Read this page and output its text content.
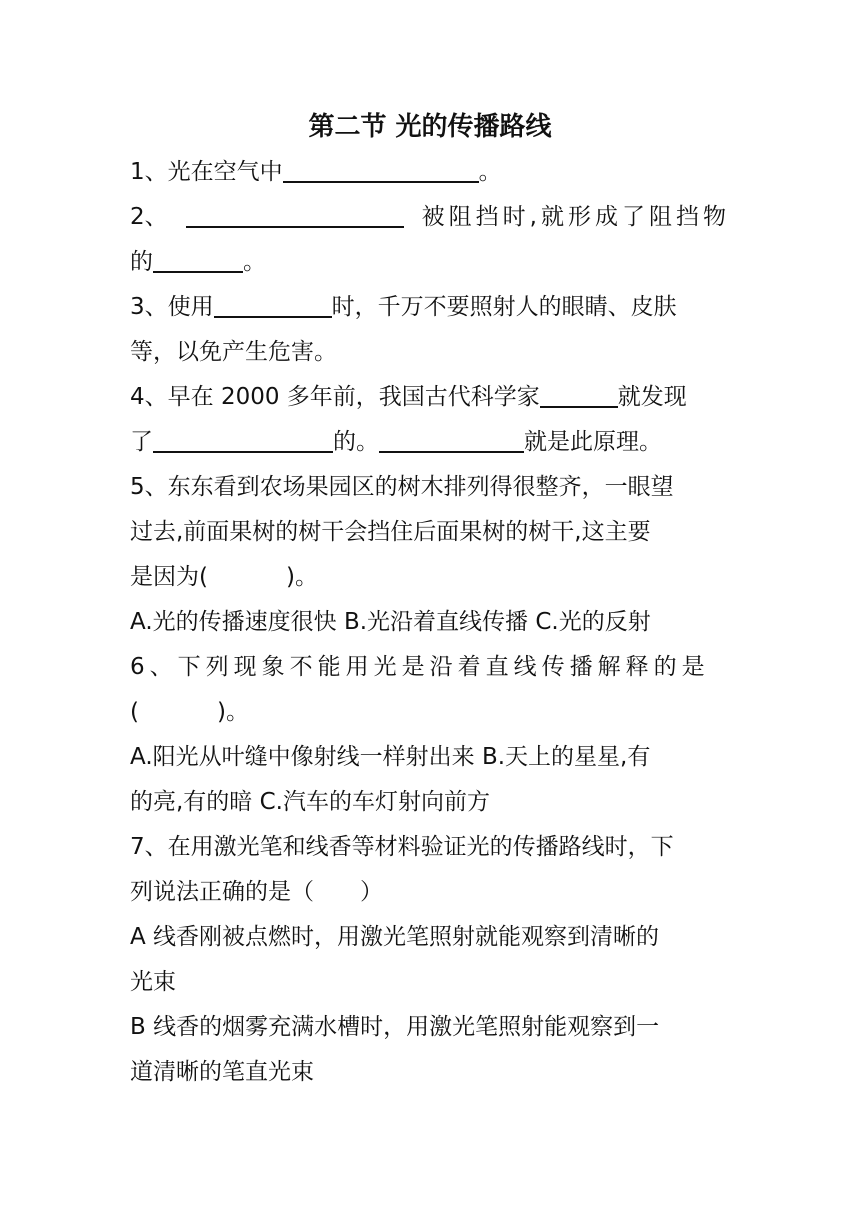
第二节 光的传播路线
1、光在空气中	。
2、	被阻挡时,就形成了阻挡物
的	。
3、使用	时，千万不要照射人的眼睛、皮肤
等，以免产生危害。
4、早在 2000 多年前，我国古代科学家	就发现
了	的。	就是此原理。
5、东东看到农场果园区的树木排列得很整齐，一眼望
过去,前面果树的树干会挡住后面果树的树干,这主要
是因为(	)。
A.光的传播速度很快 B.光沿着直线传播 C.光的反射
6、下列现象不能用光是沿着直线传播解释的是
(	)。
A.阳光从叶缝中像射线一样射出来 B.天上的星星,有
的亮,有的暗 C.汽车的车灯射向前方
7、在用激光笔和线香等材料验证光的传播路线时，下
列说法正确的是（　　）
A 线香刚被点燃时，用激光笔照射就能观察到清晰的
光束
B 线香的烟雾充满水槽时，用激光笔照射能观察到一
道清晰的笔直光束
